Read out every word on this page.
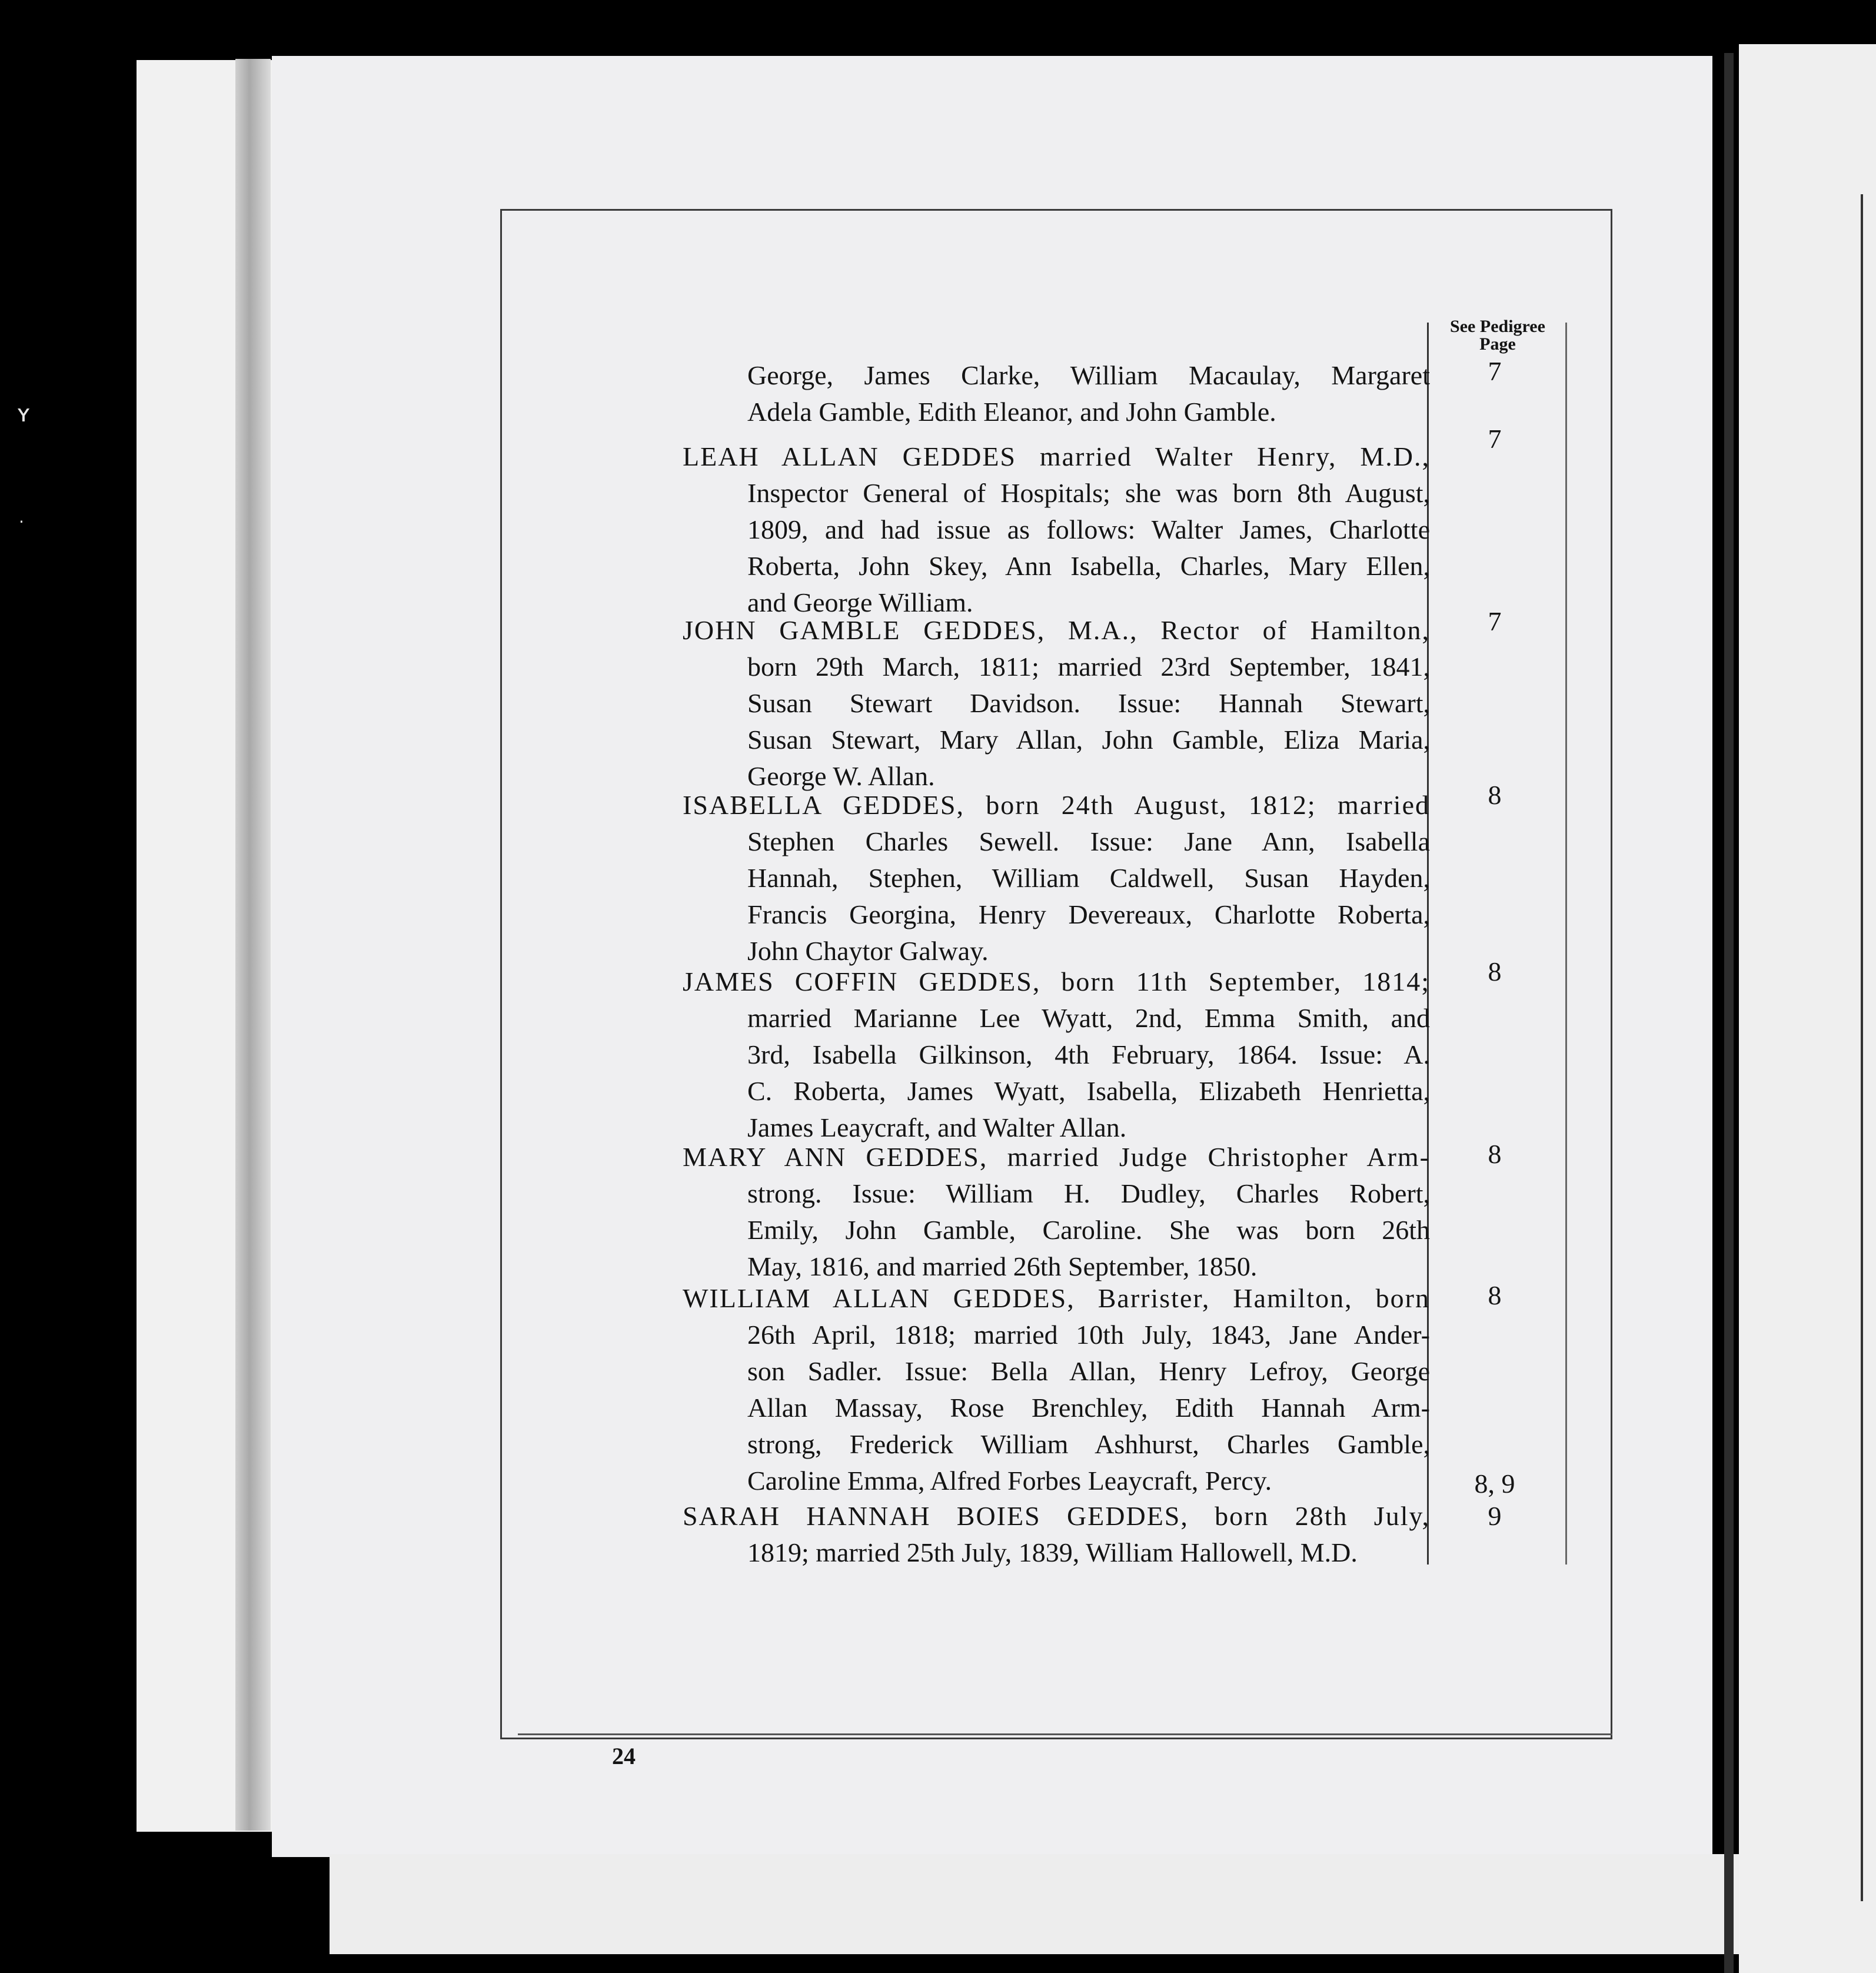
ʏ
⋅
See Pedigree
Page
George, James Clarke, William Macaulay, Margaret
Adela Gamble, Edith Eleanor, and John Gamble.
7
LEAH ALLAN GEDDES married Walter Henry, M.D.,
Inspector General of Hospitals; she was born 8th August,
1809, and had issue as follows: Walter James, Charlotte
Roberta, John Skey, Ann Isabella, Charles, Mary Ellen,
and George William.
7
JOHN GAMBLE GEDDES, M.A., Rector of Hamilton,
born 29th March, 1811; married 23rd September, 1841,
Susan Stewart Davidson. Issue: Hannah Stewart,
Susan Stewart, Mary Allan, John Gamble, Eliza Maria,
George W. Allan.
7
ISABELLA GEDDES, born 24th August, 1812; married
Stephen Charles Sewell. Issue: Jane Ann, Isabella
Hannah, Stephen, William Caldwell, Susan Hayden,
Francis Georgina, Henry Devereaux, Charlotte Roberta,
John Chaytor Galway.
8
JAMES COFFIN GEDDES, born 11th September, 1814;
married Marianne Lee Wyatt, 2nd, Emma Smith, and
3rd, Isabella Gilkinson, 4th February, 1864. Issue: A.
C. Roberta, James Wyatt, Isabella, Elizabeth Henrietta,
James Leaycraft, and Walter Allan.
8
MARY ANN GEDDES, married Judge Christopher Arm-
strong. Issue: William H. Dudley, Charles Robert,
Emily, John Gamble, Caroline. She was born 26th
May, 1816, and married 26th September, 1850.
8
WILLIAM ALLAN GEDDES, Barrister, Hamilton, born
26th April, 1818; married 10th July, 1843, Jane Ander-
son Sadler. Issue: Bella Allan, Henry Lefroy, George
Allan Massay, Rose Brenchley, Edith Hannah Arm-
strong, Frederick William Ashhurst, Charles Gamble,
Caroline Emma, Alfred Forbes Leaycraft, Percy.
8
8, 9
SARAH HANNAH BOIES GEDDES, born 28th July,
1819; married 25th July, 1839, William Hallowell, M.D.
9
24
